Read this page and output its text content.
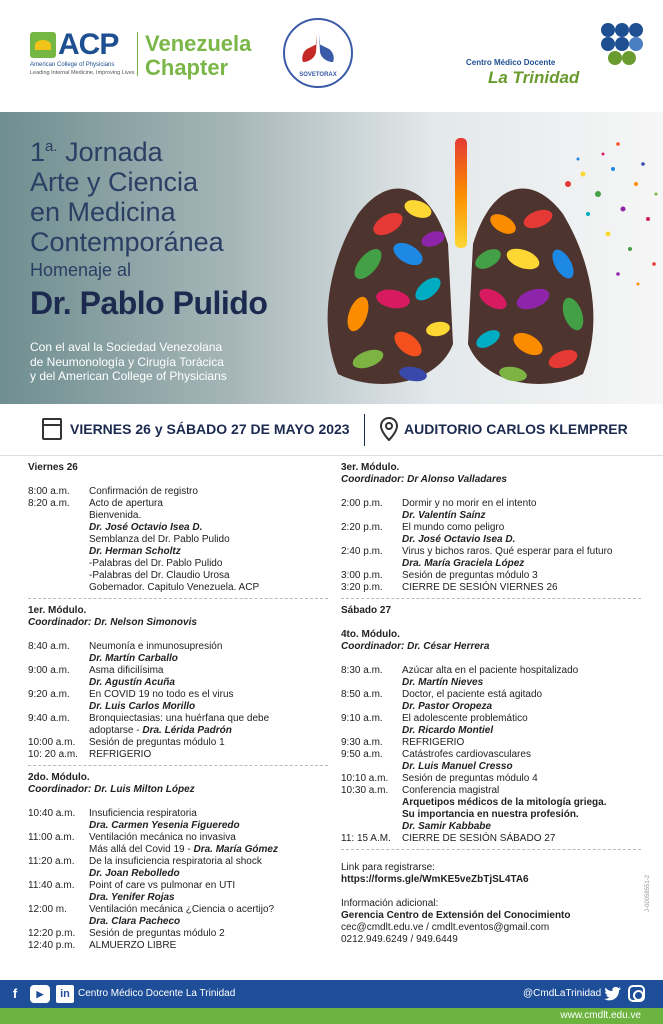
ACP
American College of Physicians
Leading Internal Medicine, Improving Lives
Venezuela
Chapter	SOVETORAX
Centro Médico Docente
La Trinidad
$1^{a.}$ Jornada
Arte y Ciencia
en Medicina
Contemporánea
Homenaje al
Dr. Pablo Pulido
Con el aval la Sociedad Venezolana
de Neumonología y Cirugía Torácica
y del American College of Physicians
VIERNES 26 y SÁBADO 27 DE MAYO 2023	AUDITORIO CARLOS KLEMPRER
Viernes 26
8:00 a.m. Confirmación de registro
8:20 a.m. Acto de apertura
Bienvenida.
Dr. José Octavio Isea D.
Semblanza del Dr. Pablo Pulido
Dr. Herman Scholtz
-Palabras del Dr. Pablo Pulido
-Palabras del Dr. Claudio Urosa
Gobernador. Capitulo Venezuela. ACP
1er. Módulo.
Coordinador: Dr. Nelson Simonovis
8:40 a.m. Neumonía e inmunosupresión
Dr. Martín Carballo
9:00 a.m. Asma dificilísima
Dr. Agustín Acuña
9:20 a.m. En COVID 19 no todo es el virus
Dr. Luis Carlos Morillo
9:40 a.m. Bronquiectasias: una huérfana que debe
adoptarse - Dra. Lérida Padrón
10:00 a.m. Sesión de preguntas módulo 1
10: 20 a.m. REFRIGERIO
2do. Módulo.
Coordinador: Dr. Luis Milton López
10:40 a.m. Insuficiencia respiratoria
Dra. Carmen Yesenia Figueredo
11:00 a.m. Ventilación mecánica no invasiva
Más allá del Covid 19 - Dra. María Gómez
11:20 a.m. De la insuficiencia respiratoria al shock
Dr. Joan Rebolledo
11:40 a.m. Point of care vs pulmonar en UTI
Dra. Yenifer Rojas
12:00 m. Ventilación mecánica ¿Ciencia o acertijo?
Dra. Clara Pacheco
12:20 p.m. Sesión de preguntas módulo 2
12:40 p.m. ALMUERZO LIBRE
3er. Módulo.
Coordinador: Dr Alonso Valladares
2:00 p.m. Dormir y no morir en el intento
Dr. Valentín Saínz
2:20 p.m. El mundo como peligro
Dr. José Octavio Isea D.
2:40 p.m. Virus y bichos raros. Qué esperar para el futuro
Dra. María Graciela López
3:00 p.m. Sesión de preguntas módulo 3
3:20 p.m. CIERRE DE SESIÓN VIERNES 26
Sábado 27
4to. Módulo.
Coordinador: Dr. César Herrera
8:30 a.m. Azúcar alta en el paciente hospitalizado
Dr. Martín Nieves
8:50 a.m. Doctor, el paciente está agitado
Dr. Pastor Oropeza
9:10 a.m. El adolescente problemático
Dr. Ricardo Montiel
9:30 a.m. REFRIGERIO
9:50 a.m. Catástrofes cardiovasculares
Dr. Luis Manuel Cresso
10:10 a.m. Sesión de preguntas módulo 4
10:30 a.m. Conferencia magistral
Arquetipos médicos de la mitología griega.
Su importancia en nuestra profesión.
Dr. Samir Kabbabe
11: 15 A.M. CIERRE DE SESIÓN SÁBADO 27
Link para registrarse:
https://forms.gle/WmKE5veZbTjSL4TA6
Información adicional:
Gerencia Centro de Extensión del Conocimiento
cec@cmdlt.edu.ve / cmdlt.eventos@gmail.com
0212.949.6249 / 949.6449
J-00058551-2
f ▶ in Centro Médico Docente La Trinidad	@CmdLaTrinidad
www.cmdlt.edu.ve
